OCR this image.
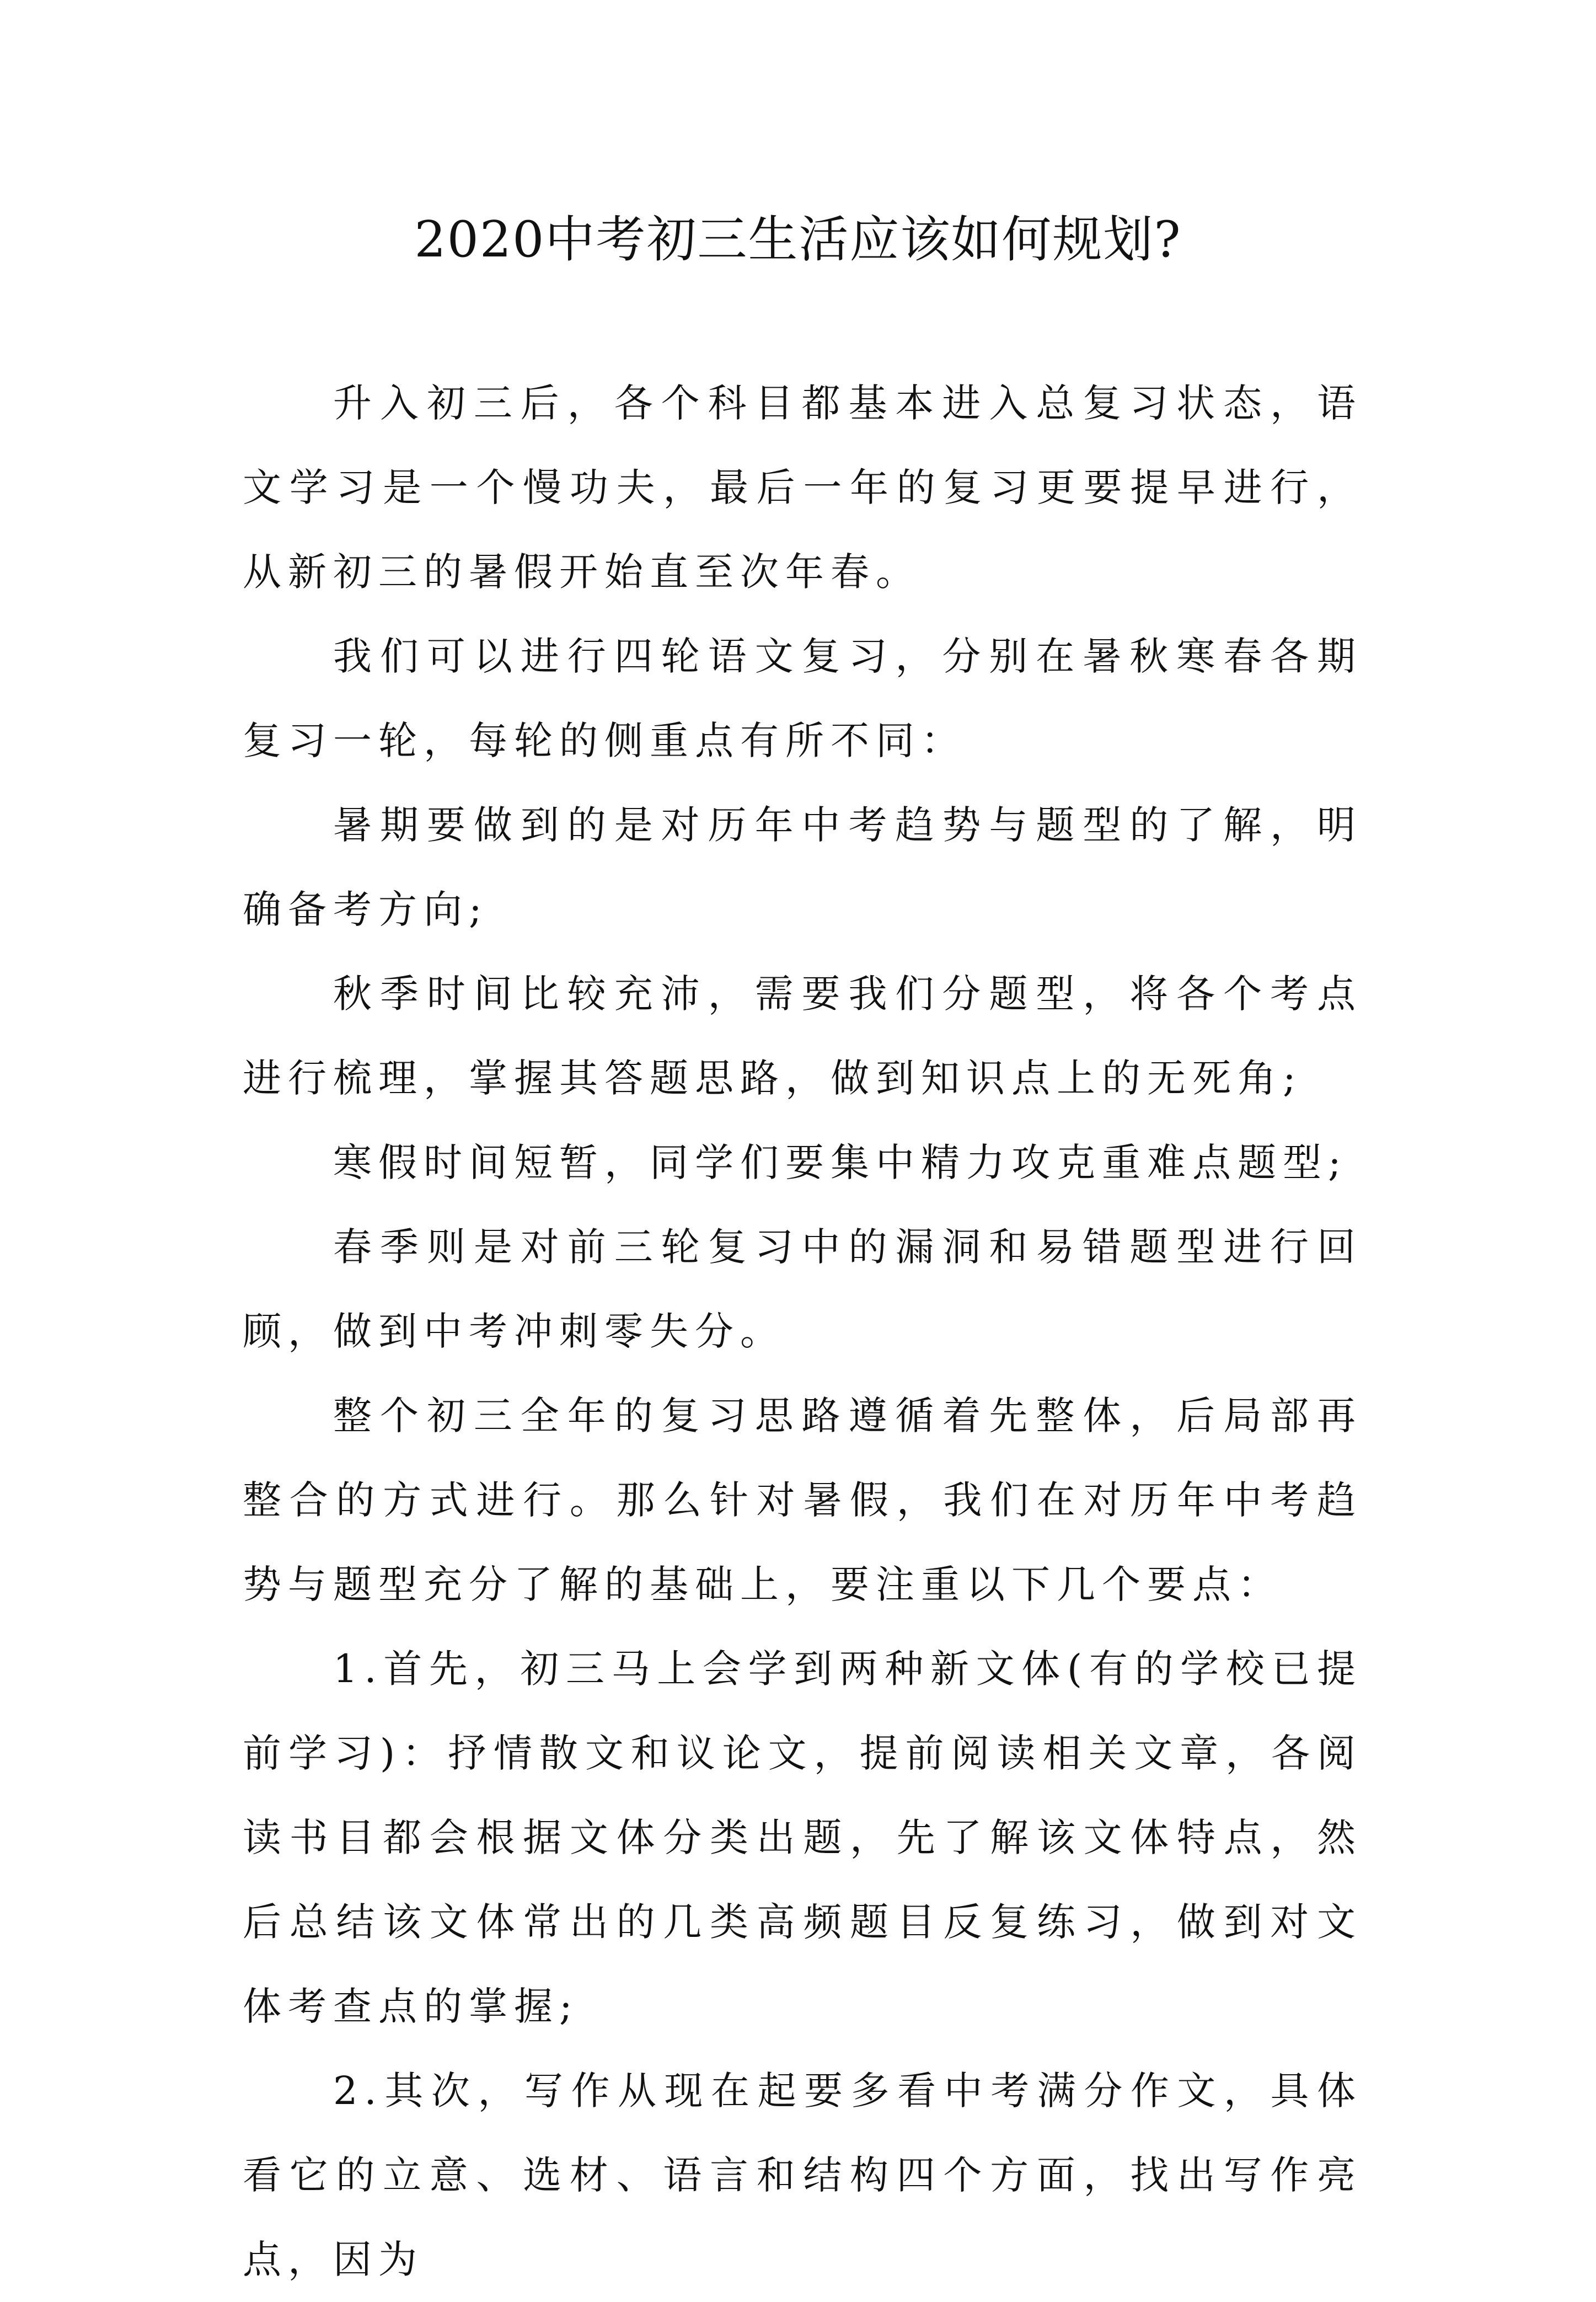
2020中考初三生活应该如何规划?

升入初三后，各个科目都基本进入总复习状态，语文学习是一个慢功夫，最后一年的复习更要提早进行，从新初三的暑假开始直至次年春。

我们可以进行四轮语文复习，分别在暑秋寒春各期复习一轮，每轮的侧重点有所不同：

暑期要做到的是对历年中考趋势与题型的了解，明确备考方向;

秋季时间比较充沛，需要我们分题型，将各个考点进行梳理，掌握其答题思路，做到知识点上的无死角;

寒假时间短暂，同学们要集中精力攻克重难点题型;

春季则是对前三轮复习中的漏洞和易错题型进行回顾，做到中考冲刺零失分。

整个初三全年的复习思路遵循着先整体，后局部再整合的方式进行。那么针对暑假，我们在对历年中考趋势与题型充分了解的基础上，要注重以下几个要点：

1.首先，初三马上会学到两种新文体(有的学校已提前学习)：抒情散文和议论文，提前阅读相关文章，各阅读书目都会根据文体分类出题，先了解该文体特点，然后总结该文体常出的几类高频题目反复练习，做到对文体考查点的掌握;

2.其次，写作从现在起要多看中考满分作文，具体看它的立意、选材、语言和结构四个方面，找出写作亮点，因为
